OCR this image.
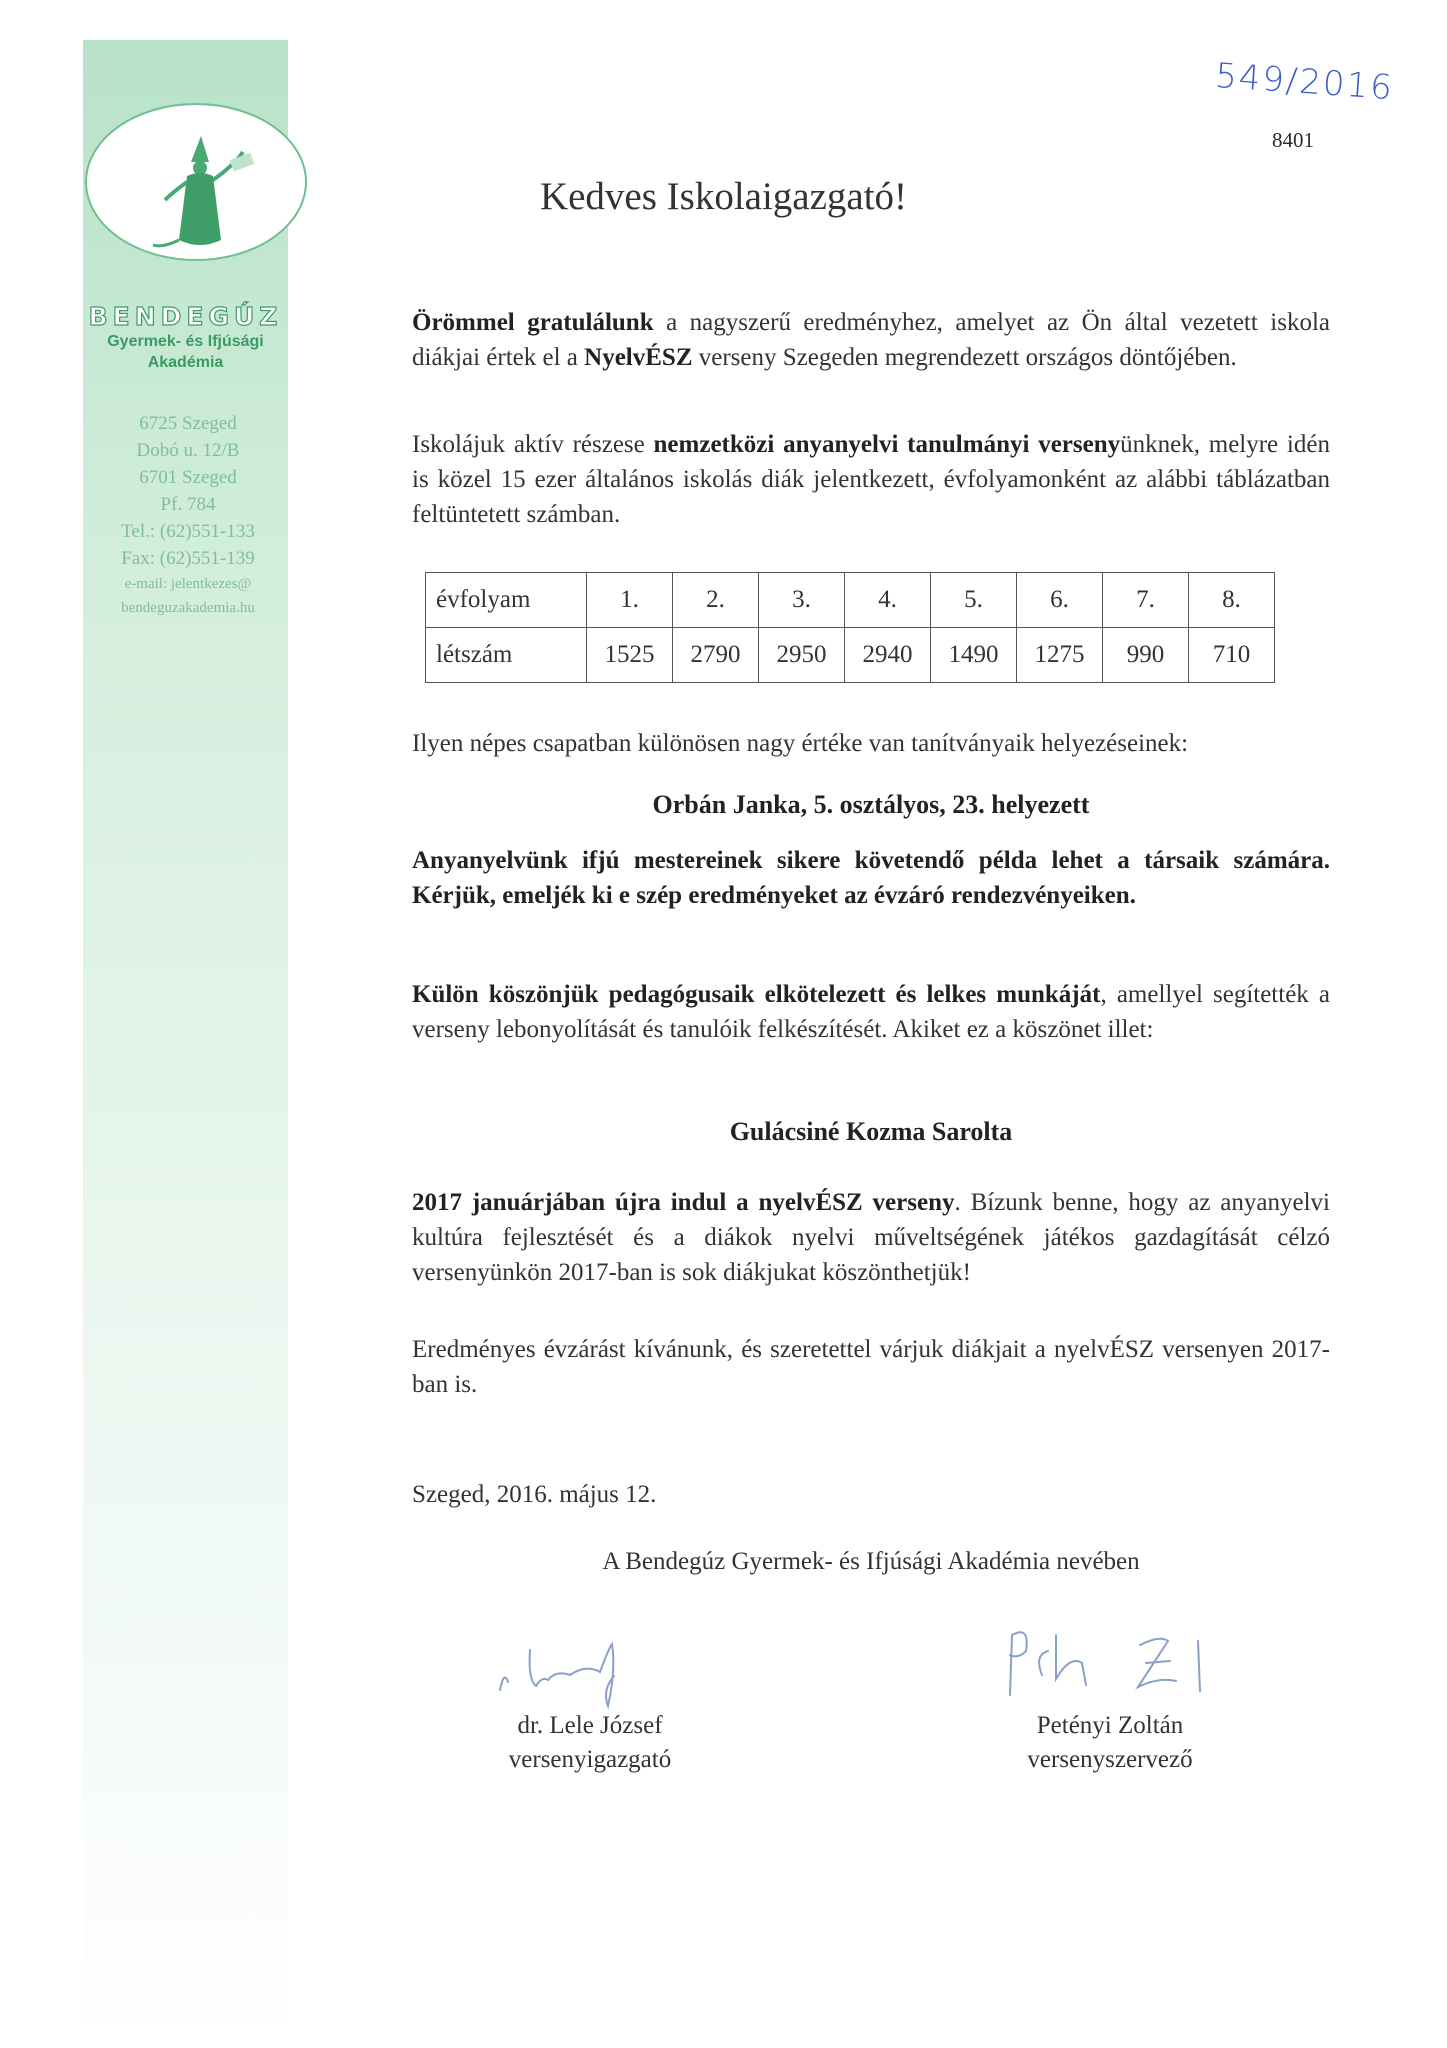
BENDEGÚZ
Gyermek- és Ifjúsági
Akadémia
6725 Szeged
Dobó u. 12/B
6701 Szeged
Pf. 784
Tel.: (62)551-133
Fax: (62)551-139
e-mail: jelentkezes@
bendeguzakademia.hu
549/2016
8401
Kedves Iskolaigazgató!
Örömmel gratulálunk a nagyszerű eredményhez, amelyet az Ön által vezetett iskola diákjai értek el a NyelvÉSZ verseny Szegeden megrendezett országos döntőjében.
Iskolájuk aktív részese nemzetközi anyanyelvi tanulmányi versenyünknek, melyre idén is közel 15 ezer általános iskolás diák jelentkezett, évfolyamonként az alábbi táblázatban feltüntetett számban.
évfolyam	1.	2.	3.	4.	5.	6.	7.	8.
létszám	1525	2790	2950	2940	1490	1275	990	710
Ilyen népes csapatban különösen nagy értéke van tanítványaik helyezéseinek:
Orbán Janka, 5. osztályos, 23. helyezett
Anyanyelvünk ifjú mestereinek sikere követendő példa lehet a társaik számára. Kérjük, emeljék ki e szép eredményeket az évzáró rendezvényeiken.
Külön köszönjük pedagógusaik elkötelezett és lelkes munkáját, amellyel segítették a verseny lebonyolítását és tanulóik felkészítését. Akiket ez a köszönet illet:
Gulácsiné Kozma Sarolta
2017 januárjában újra indul a nyelvÉSZ verseny. Bízunk benne, hogy az anyanyelvi kultúra fejlesztését és a diákok nyelvi műveltségének játékos gazdagítását célzó versenyünkön 2017-ban is sok diákjukat köszönthetjük!
Eredményes évzárást kívánunk, és szeretettel várjuk diákjait a nyelvÉSZ versenyen 2017-ban is.
Szeged, 2016. május 12.
A Bendegúz Gyermek- és Ifjúsági Akadémia nevében
dr. Lele József
versenyigazgató
Petényi Zoltán
versenyszervező
